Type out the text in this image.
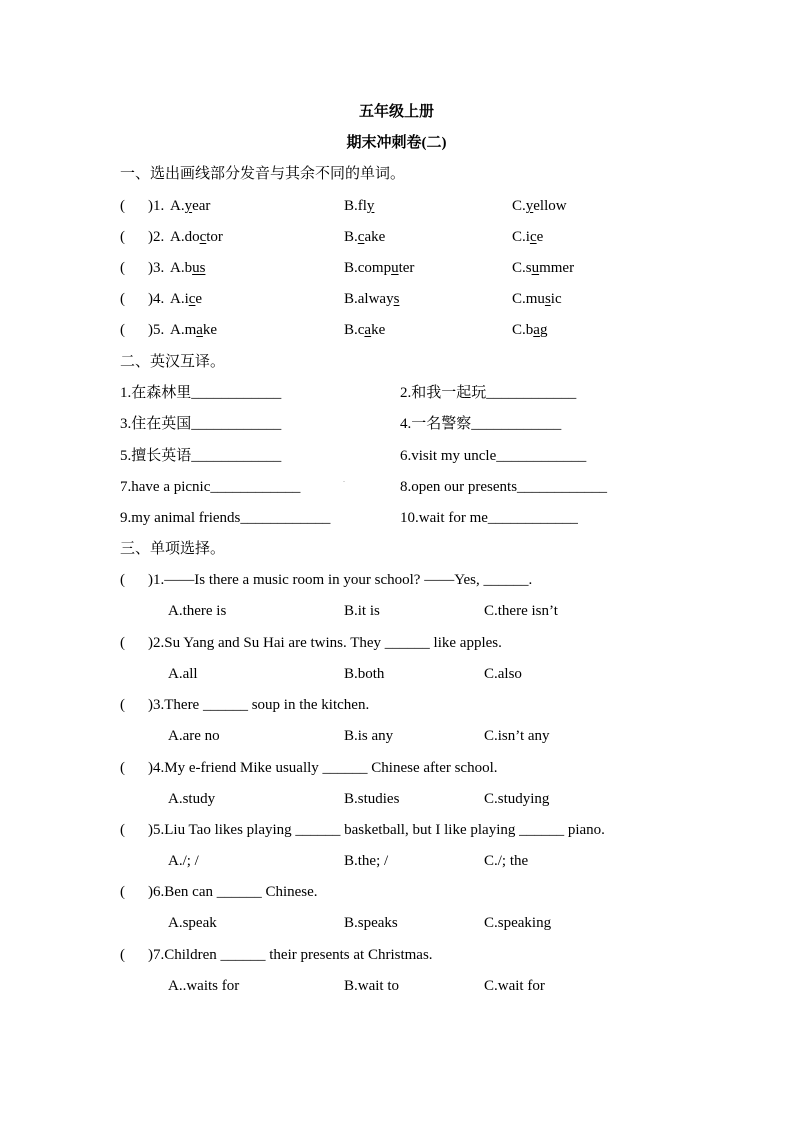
五年级上册
期末冲刺卷(二)
一、选出画线部分发音与其余不同的单词。
( )1. A.year	B.fly	C.yellow
( )2. A.doctor	B.cake	C.ice
( )3. A.bus	B.computer	C.summer
( )4. A.ice	B.always	C.music
( )5. A.make	B.cake	C.bag
二、英汉互译。
1.在森林里____________	2.和我一起玩____________
3.住在英国____________	4.一名警察____________
5.擅长英语____________	6.visit my uncle____________
7.have a picnic____________	8.open our presents____________
9.my animal friends____________	10.wait for me____________
.
三、单项选择。
( )1.——Is there a music room in your school? ——Yes, ______.
A.there is	B.it is	C.there isn’t
( )2.Su Yang and Su Hai are twins. They ______ like apples.
A.all	B.both	C.also
( )3.There ______ soup in the kitchen.
A.are no	B.is any	C.isn’t any
( )4.My e-friend Mike usually ______ Chinese after school.
A.study	B.studies	C.studying
( )5.Liu Tao likes playing ______ basketball, but I like playing ______ piano.
A./; /	B.the; /	C./; the
( )6.Ben can ______ Chinese.
A.speak	B.speaks	C.speaking
( )7.Children ______ their presents at Christmas.
A..waits for	B.wait to	C.wait for
